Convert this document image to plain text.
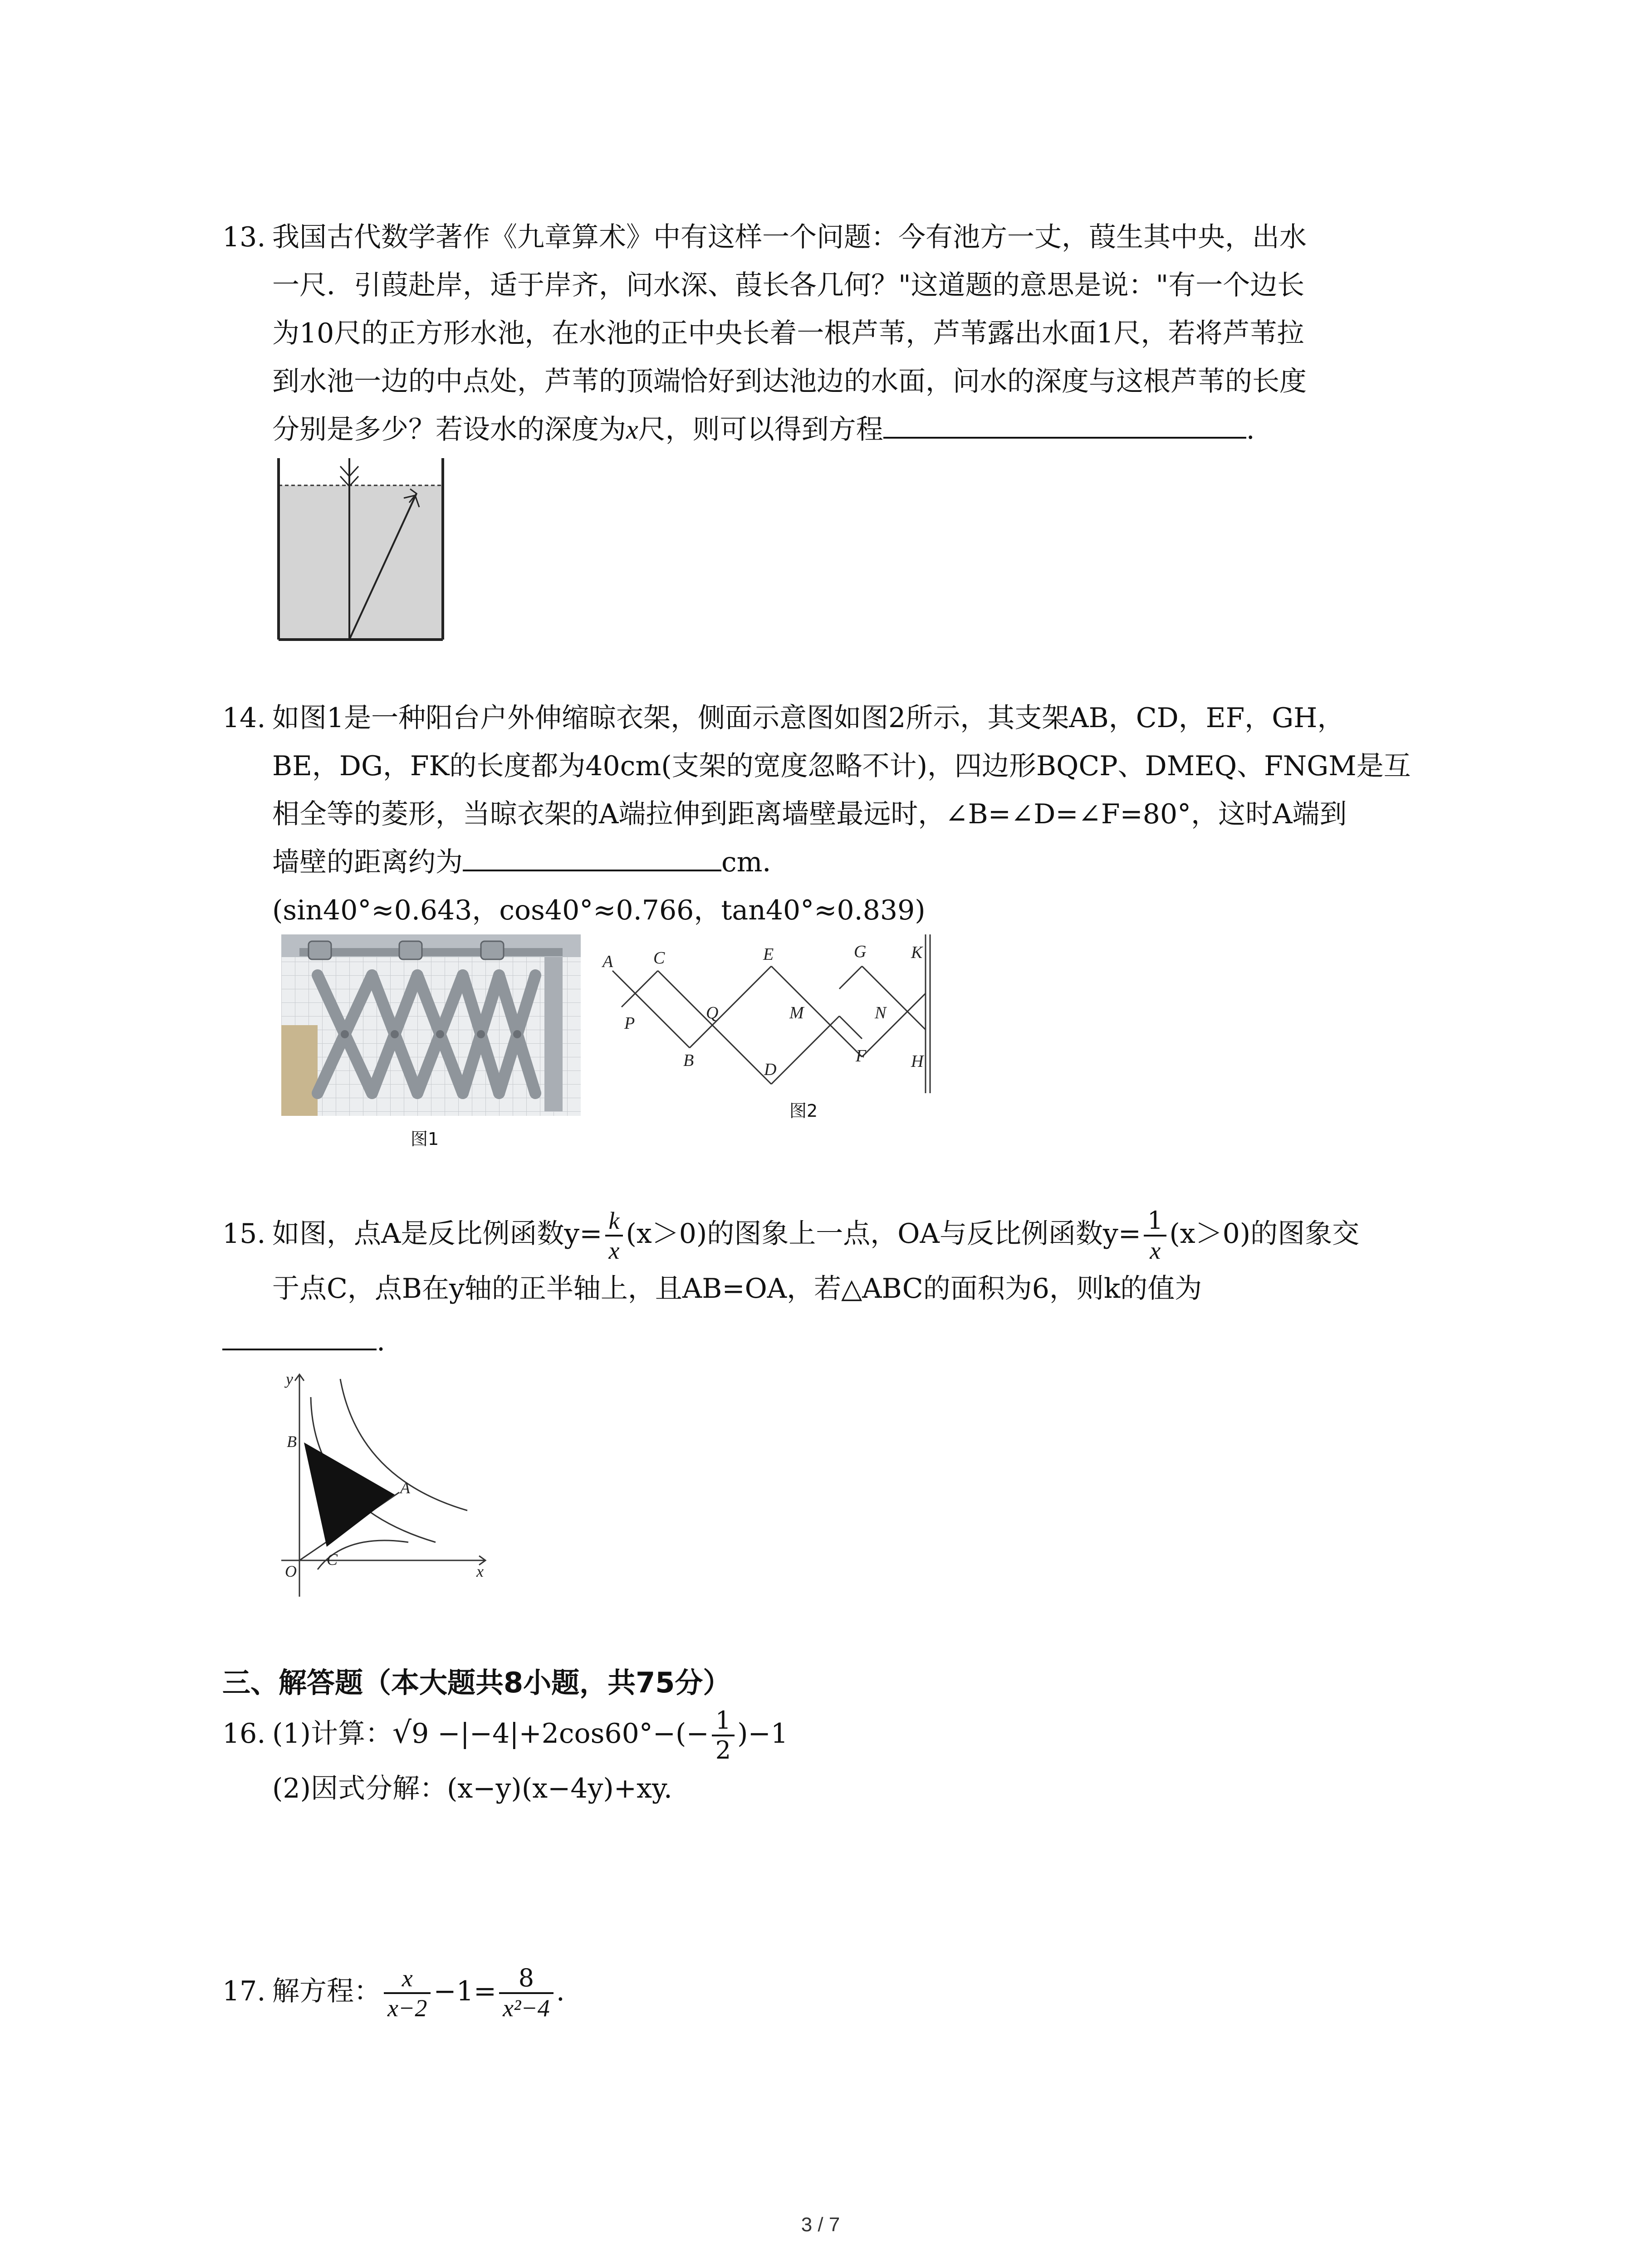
13. 我国古代数学著作《九章算术》中有这样一个问题：今有池方一丈，葭生其中央，出水
一尺．引葭赴岸，适于岸齐，问水深、葭长各几何？"这道题的意思是说："有一个边长
为10尺的正方形水池，在水池的正中央长着一根芦苇，芦苇露出水面1尺，若将芦苇拉
到水池一边的中点处，芦苇的顶端恰好到达池边的水面，问水的深度与这根芦苇的长度
分别是多少？若设水的深度为x尺，则可以得到方程	.
14. 如图1是一种阳台户外伸缩晾衣架，侧面示意图如图2所示，其支架AB，CD，EF，GH，
BE，DG，FK的长度都为40cm(支架的宽度忽略不计)，四边形BQCP、DMEQ、FNGM是互
相全等的菱形，当晾衣架的A端拉伸到距离墙壁最远时，∠B=∠D=∠F=80°，这时A端到
墙壁的距离约为	cm．
(sin40°≈0.643，cos40°≈0.766，tan40°≈0.839)
图1
A C	E	G	K
P
Q	M	N
B	D
F	H
图2
15. 如图，点A是反比例函数$y= \frac{k}{x} (x>0)$的图象上一点，OA与反比例函数$y= \frac{1}{x} (x>0)$的图象交
于点C，点B在y轴的正半轴上，且AB=OA，若△ABC的面积为6，则k的值为
.
y
x
O
B
A
C
三、解答题（本大题共8小题，共75分）
16. (1)计算：$√9 -|-4|+2\cos 60^\circ-(- \frac{1}{2} )-1$
(2)因式分解：(x−y)(x−4y)+xy.
17. 解方程： $\frac{x}{x-2} -1= \frac{8}{\text{x²−4}}$ .
3 / 7
